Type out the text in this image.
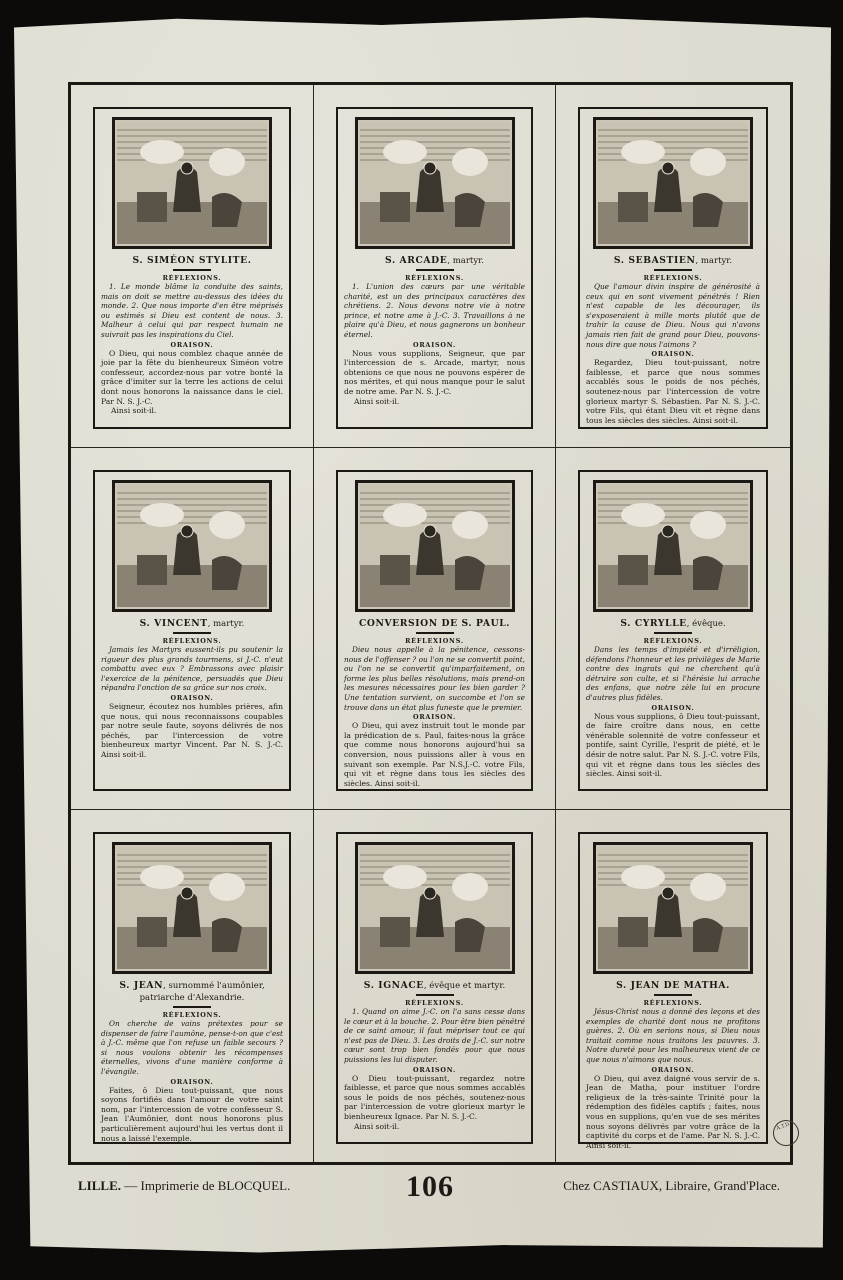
S. SIMÉON STYLITE.
RÉFLEXIONS.

1. Le monde blâme la conduite des saints, mais on doit se mettre au-dessus des idées du monde. 2. Que nous importe d'en être méprisés ou estimés si Dieu est content de nous. 3. Malheur à celui qui par respect humain ne suivrait pas les inspirations du Ciel.

ORAISON.

O Dieu, qui nous comblez chaque année de joie par la fête du bienheureux Siméon votre confesseur, accordez-nous par votre bonté la grâce d'imiter sur la terre les actions de celui dont nous honorons la naissance dans le ciel. Par N. S. J.-C.

Ainsi soit-il.
S. ARCADE, martyr.
RÉFLEXIONS.

1. L'union des cœurs par une véritable charité, est un des principaux caractères des chrétiens. 2. Nous devons notre vie à notre prince, et notre ame à J.-C. 3. Travaillons à ne plaire qu'à Dieu, et nous gagnerons un bonheur éternel.

ORAISON.

Nous vous supplions, Seigneur, que par l'intercession de s. Arcade, martyr, nous obtenions ce que nous ne pouvons espérer de nos mérites, et qui nous manque pour le salut de notre ame. Par N. S. J.-C.

Ainsi soit-il.
S. SEBASTIEN, martyr.
RÉFLEXIONS.

Que l'amour divin inspire de générosité à ceux qui en sont vivement pénétrés ! Rien n'est capable de les décourager, ils s'exposeraient à mille morts plutôt que de trahir la cause de Dieu. Nous qui n'avons jamais rien fait de grand pour Dieu, pouvons-nous dire que nous l'aimons ?

ORAISON.

Regardez, Dieu tout-puissant, notre faiblesse, et parce que nous sommes accablés sous le poids de nos péchés, soutenez-nous par l'intercession de votre glorieux martyr S. Sébastien. Par N. S. J.-C. votre Fils, qui étant Dieu vit et règne dans tous les siècles des siècles. Ainsi soit-il.

S. VINCENT, martyr.
RÉFLEXIONS.

Jamais les Martyrs eussent-ils pu soutenir la rigueur des plus grands tourmens, si J.-C. n'eut combattu avec eux ? Embrassons avec plaisir l'exercice de la pénitence, persuadés que Dieu répandra l'onction de sa grâce sur nos croix.

ORAISON.

Seigneur, écoutez nos humbles prières, afin que nous, qui nous reconnaissons coupables par notre seule faute, soyons délivrés de nos péchés, par l'intercession de votre bienheureux martyr Vincent. Par N. S. J.-C. Ainsi soit-il.

CONVERSION DE S. PAUL.
RÉFLEXIONS.

Dieu nous appelle à la pénitence, cessons-nous de l'offenser ? ou l'on ne se convertit point, ou l'on ne se convertit qu'imparfaitement, on forme les plus belles résolutions, mais prend-on les mesures nécessaires pour les bien garder ? Une tentation survient, on succombe et l'on se trouve dans un état plus funeste que le premier.

ORAISON.

O Dieu, qui avez instruit tout le monde par la prédication de s. Paul, faites-nous la grâce que comme nous honorons aujourd'hui sa conversion, nous puissions aller à vous en suivant son exemple. Par N.S.J.-C. votre Fils, qui vit et règne dans tous les siècles des siècles. Ainsi soit-il.

S. CYRYLLE, évêque.
RÉFLEXIONS.

Dans les temps d'impiété et d'irréligion, défendons l'honneur et les privilèges de Marie contre des ingrats qui ne cherchent qu'à détruire son culte, et si l'hérésie lui arrache des enfans, que notre zèle lui en procure d'autres plus fidèles.

ORAISON.

Nous vous supplions, ô Dieu tout-puissant, de faire croître dans nous, en cette vénérable solennité de votre confesseur et pontife, saint Cyrille, l'esprit de piété, et le désir de notre salut. Par N. S. J.-C. votre Fils, qui vit et règne dans tous les siècles des siècles. Ainsi soit-il.

S. JEAN, surnommé l'aumônier, patriarche d'Alexandrie.
RÉFLEXIONS.

On cherche de vains prétextes pour se dispenser de faire l'aumône, pense-t-on que c'est à J.-C. même que l'on refuse un faible secours ? si nous voulons obtenir les récompenses éternelles, vivons d'une manière conforme à l'évangile.

ORAISON.

Faites, ô Dieu tout-puissant, que nous soyons fortifiés dans l'amour de votre saint nom, par l'intercession de votre confesseur S. Jean l'Aumônier, dont nous honorons plus particulièrement aujourd'hui les vertus dont il nous a laissé l'exemple.

S. IGNACE, évêque et martyr.
RÉFLEXIONS.

1. Quand on aime J.-C. on l'a sans cesse dans le cœur et à la bouche. 2. Pour être bien pénétré de ce saint amour, il faut mépriser tout ce qui n'est pas de Dieu. 3. Les droits de J.-C. sur notre cœur sont trop bien fondés pour que nous puissions les lui disputer.

ORAISON.

O Dieu tout-puissant, regardez notre faiblesse, et parce que nous sommes accablés sous le poids de nos péchés, soutenez-nous par l'intercession de votre glorieux martyr le bienheureux Ignace. Par N. S. J.-C.

Ainsi soit-il.
S. JEAN DE MATHA.
RÉFLEXIONS.

Jésus-Christ nous a donné des leçons et des exemples de charité dont nous ne profitons guères. 2. Où en serions nous, si Dieu nous traitait comme nous traitons les pauvres. 3. Notre dureté pour les malheureux vient de ce que nous n'aimons que nous.

ORAISON.

O Dieu, qui avez daigné vous servir de s. Jean de Matha, pour instituer l'ordre religieux de la très-sainte Trinité pour la rédemption des fidèles captifs ; faites, nous vous en supplions, qu'en vue de ses mérites nous soyons délivrés par votre grâce de la captivité du corps et de l'ame. Par N. S. J.-C. Ainsi soit-il.

LILLE. — Imprimerie de BLOCQUEL.	106	Chez CASTIAUX, Libraire, Grand'Place.
A.T.D.
